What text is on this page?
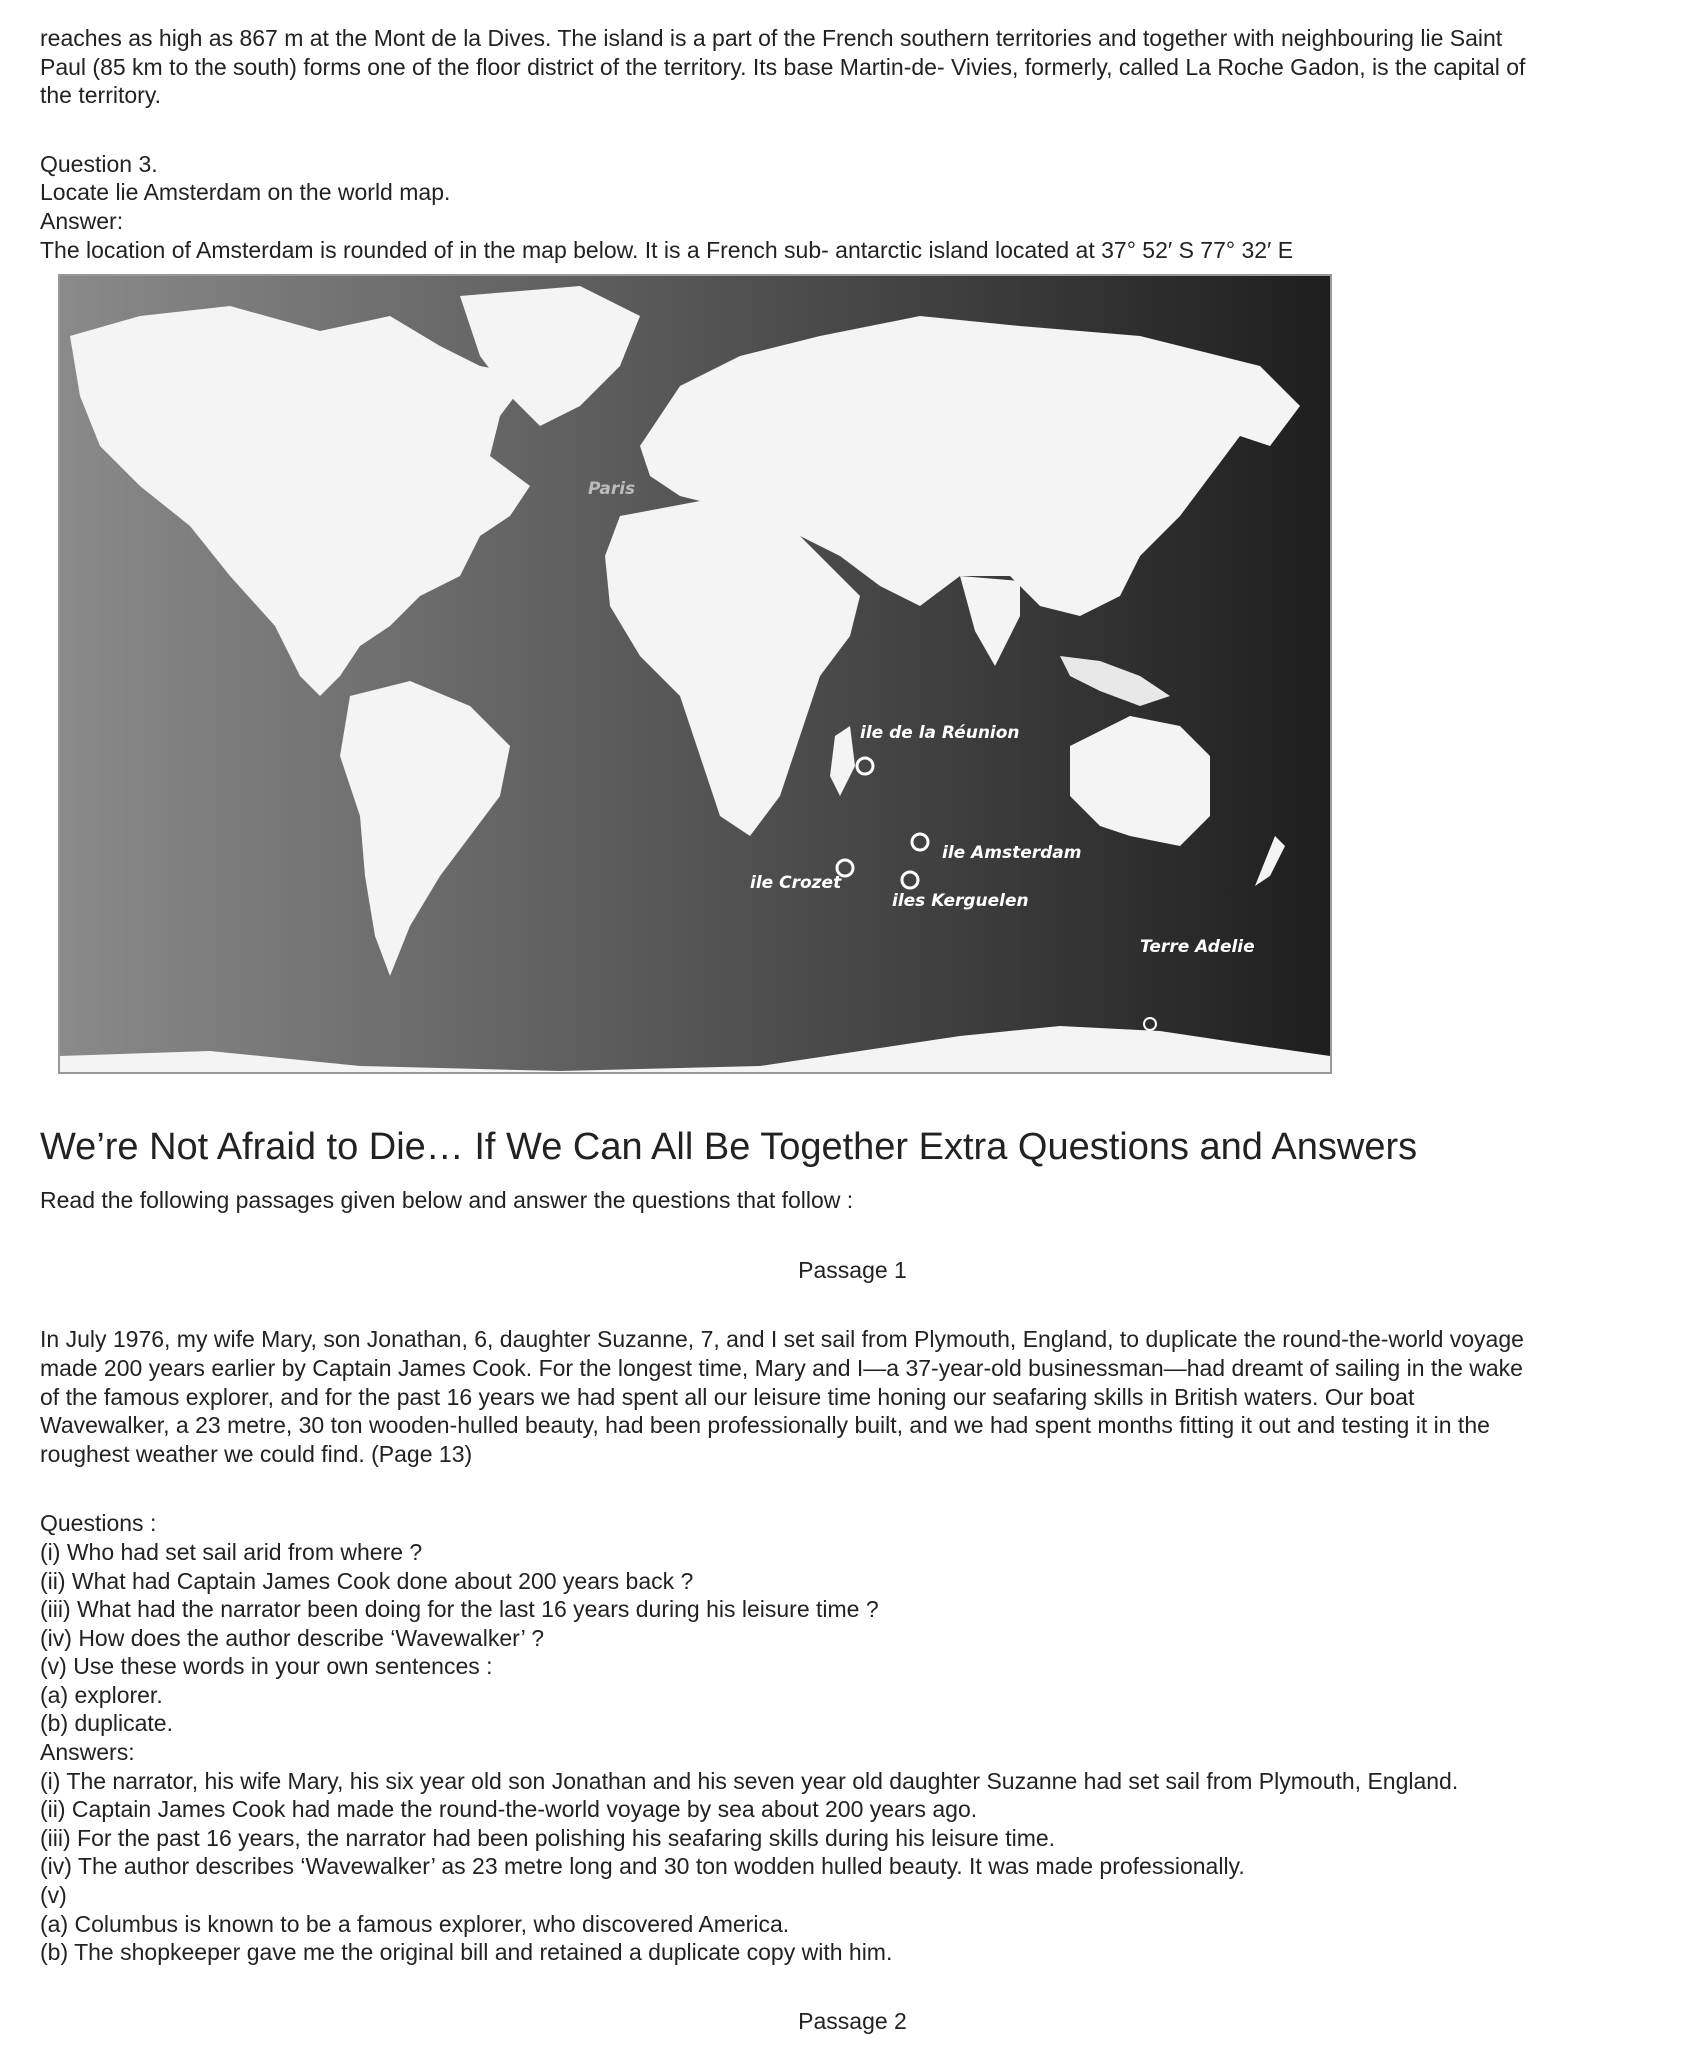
reaches as high as 867 m at the Mont de la Dives. The island is a part of the French southern territories and together with neighbouring lie Saint

Paul (85 km to the south) forms one of the floor district of the territory. Its base Martin-de- Vivies, formerly, called La Roche Gadon, is the capital of

the territory.

Question 3.

Locate lie Amsterdam on the world map.

Answer:

The location of Amsterdam is rounded of in the map below. It is a French sub- antarctic island located at 37° 52′ S 77° 32′ E

Paris
ile de la Réunion
ile Amsterdam
ile Crozet
iles Kerguelen
Terre Adelie
We’re Not Afraid to Die… If We Can All Be Together Extra Questions and Answers

Read the following passages given below and answer the questions that follow :

Passage 1

In July 1976, my wife Mary, son Jonathan, 6, daughter Suzanne, 7, and I set sail from Plymouth, England, to duplicate the round-the-world voyage

made 200 years earlier by Captain James Cook. For the longest time, Mary and I—a 37-year-old businessman—had dreamt of sailing in the wake

of the famous explorer, and for the past 16 years we had spent all our leisure time honing our seafaring skills in British waters. Our boat

Wavewalker, a 23 metre, 30 ton wooden-hulled beauty, had been professionally built, and we had spent months fitting it out and testing it in the

roughest weather we could find. (Page 13)

Questions :

(i) Who had set sail arid from where ?

(ii) What had Captain James Cook done about 200 years back ?

(iii) What had the narrator been doing for the last 16 years during his leisure time ?

(iv) How does the author describe ‘Wavewalker’ ?

(v) Use these words in your own sentences :

(a) explorer.

(b) duplicate.

Answers:

(i) The narrator, his wife Mary, his six year old son Jonathan and his seven year old daughter Suzanne had set sail from Plymouth, England.

(ii) Captain James Cook had made the round-the-world voyage by sea about 200 years ago.

(iii) For the past 16 years, the narrator had been polishing his seafaring skills during his leisure time.

(iv) The author describes ‘Wavewalker’ as 23 metre long and 30 ton wodden hulled beauty. It was made professionally.

(v)

(a) Columbus is known to be a famous explorer, who discovered America.

(b) The shopkeeper gave me the original bill and retained a duplicate copy with him.

Passage 2
